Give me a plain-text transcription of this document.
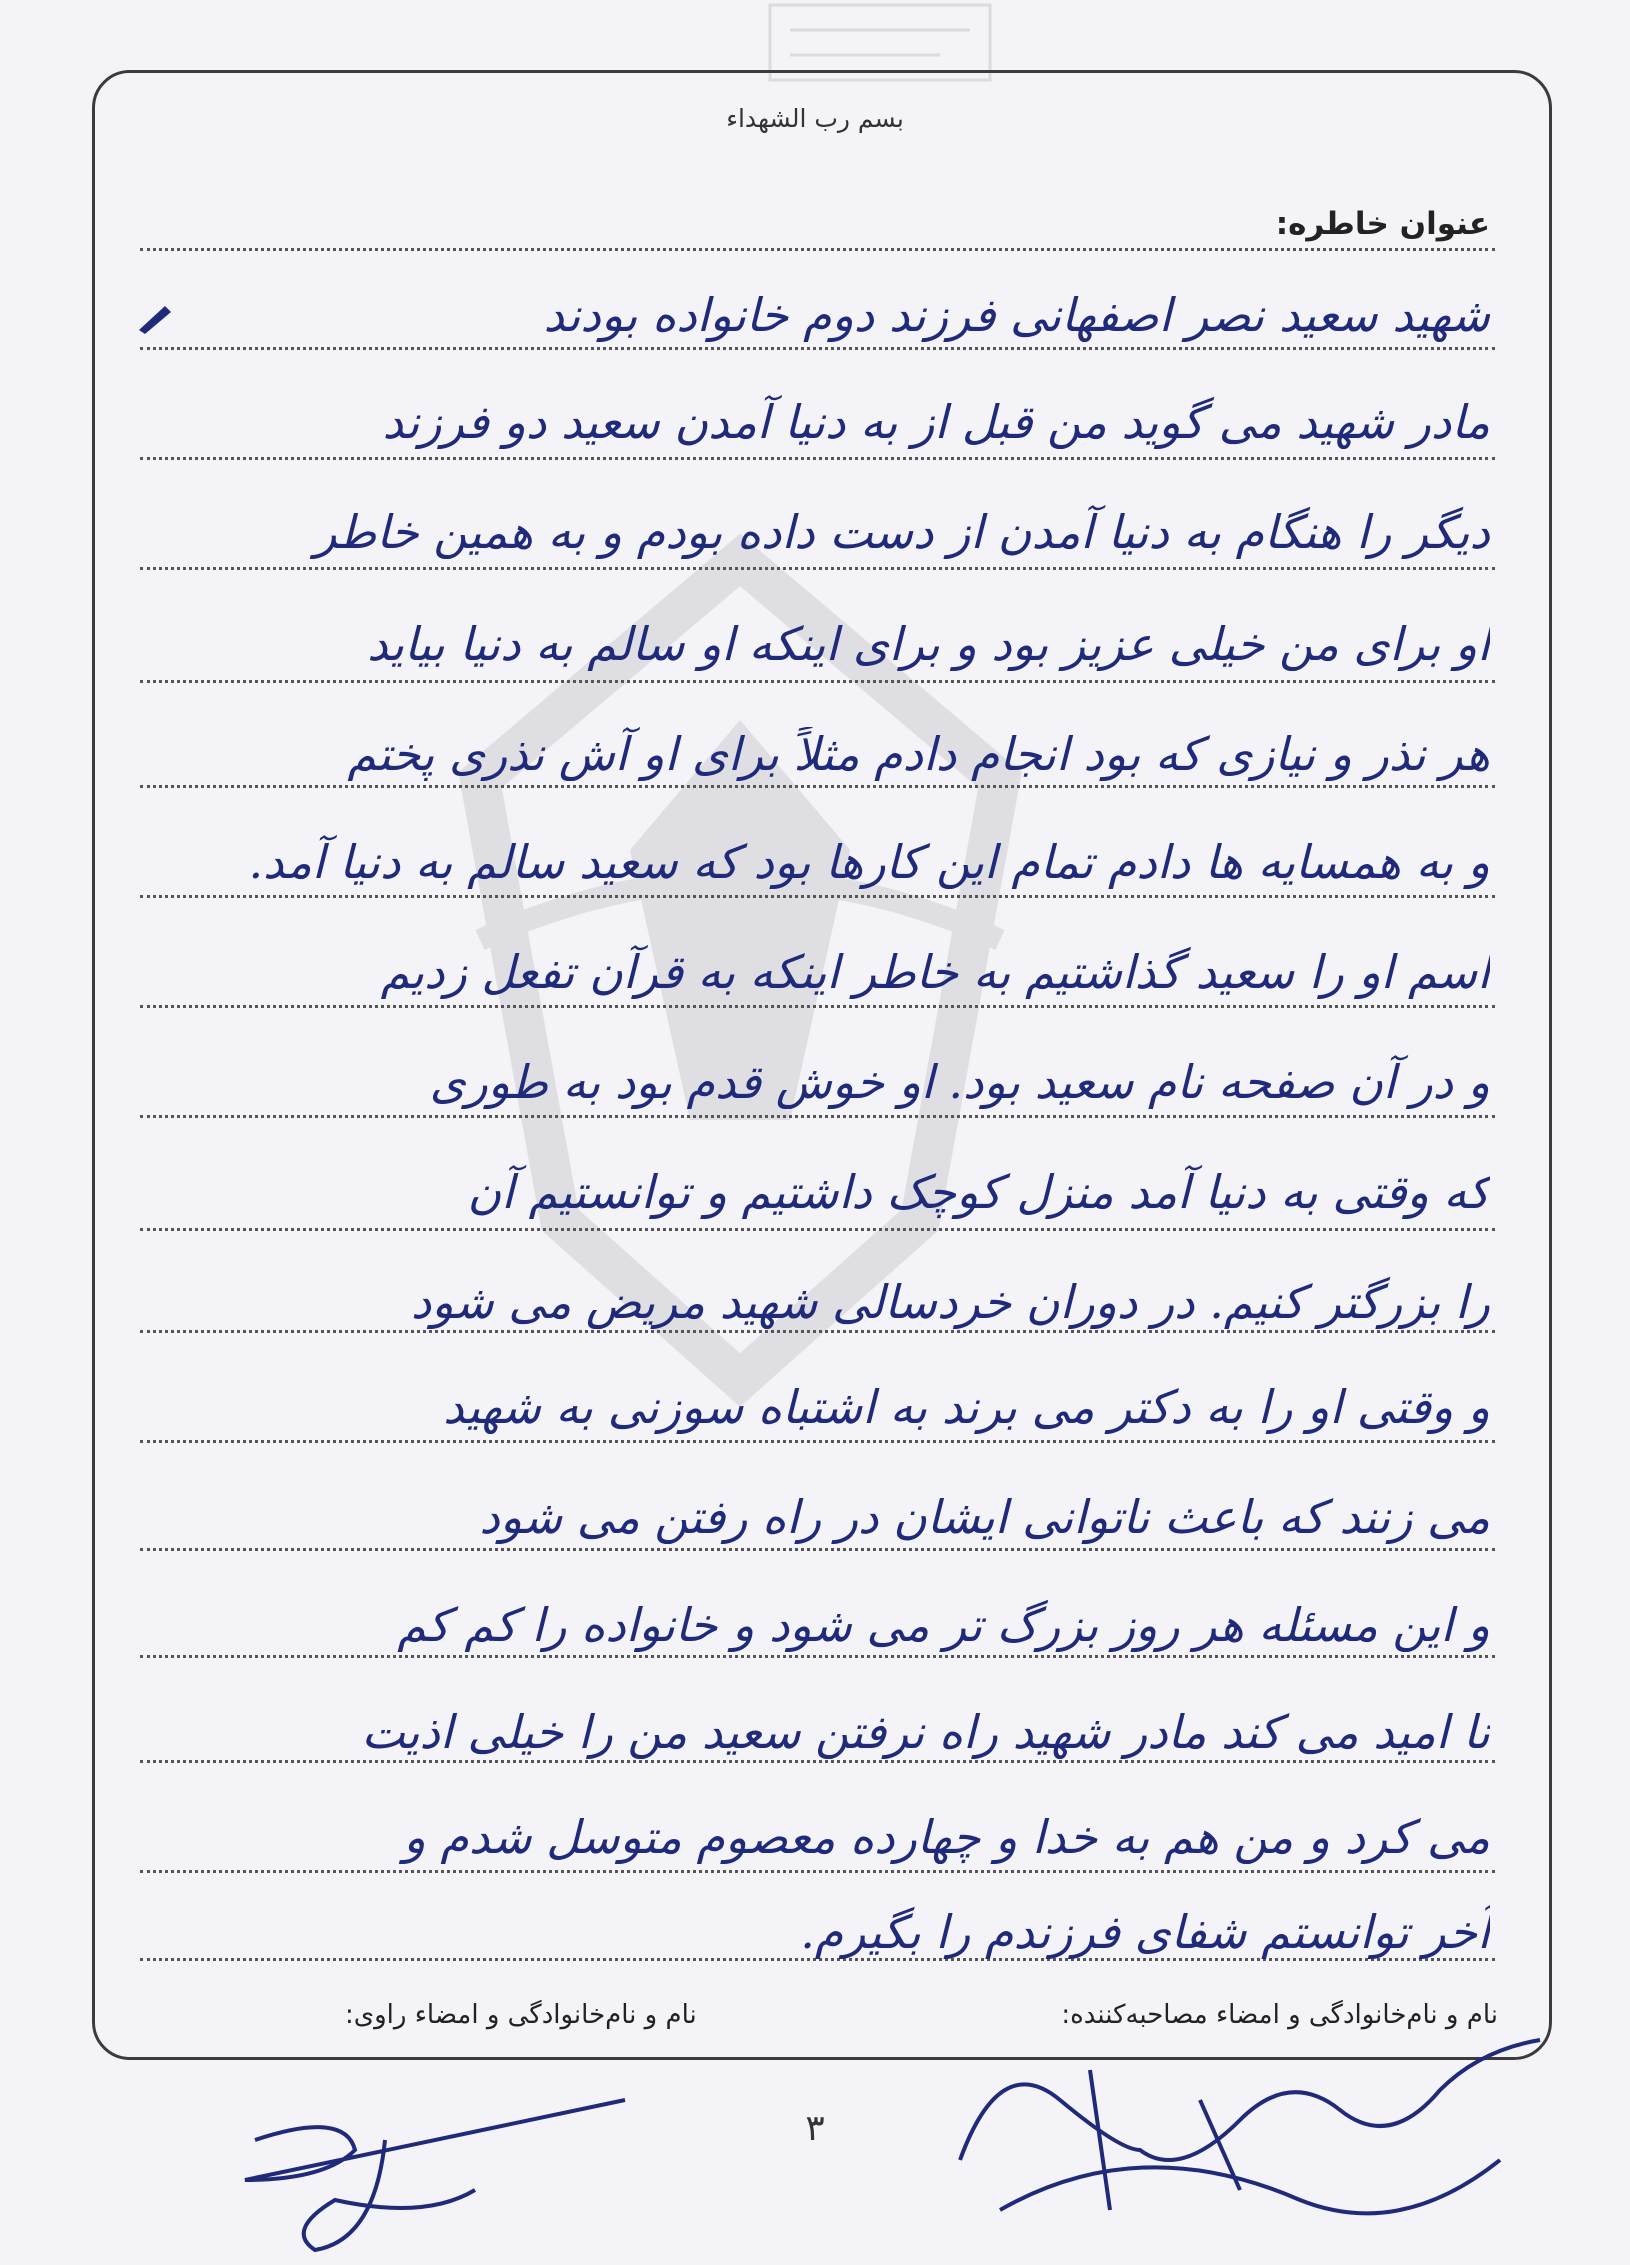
بسم رب الشهداء
عنوان خاطره:
شهید سعید نصر اصفهانی فرزند دوم خانواده بودند
مادر شهید می گوید من قبل از به دنیا آمدن سعید دو فرزند
دیگر را هنگام به دنیا آمدن از دست داده بودم و به همین خاطر
او برای من خیلی عزیز بود و برای اینکه او سالم به دنیا بیاید
هر نذر و نیازی که بود انجام دادم مثلاً برای او آش نذری پختم
و به همسایه ها دادم تمام این کارها بود که سعید سالم به دنیا آمد.
اسم او را سعید گذاشتیم به خاطر اینکه به قرآن تفعل زدیم
و در آن صفحه نام سعید بود. او خوش قدم بود به طوری
که وقتی به دنیا آمد منزل کوچک داشتیم و توانستیم آن
را بزرگتر کنیم. در دوران خردسالی شهید مریض می شود
و وقتی او را به دکتر می برند به اشتباه سوزنی به شهید
می زنند که باعث ناتوانی ایشان در راه رفتن می شود
و این مسئله هر روز بزرگ تر می شود و خانواده را کم کم
نا امید می کند مادر شهید راه نرفتن سعید من را خیلی اذیت
می کرد و من هم به خدا و چهارده معصوم متوسل شدم و
آخر توانستم شفای فرزندم را بگیرم.
نام و نام‌خانوادگی و امضاء مصاحبه‌کننده:
نام و نام‌خانوادگی و امضاء راوی:
۳
